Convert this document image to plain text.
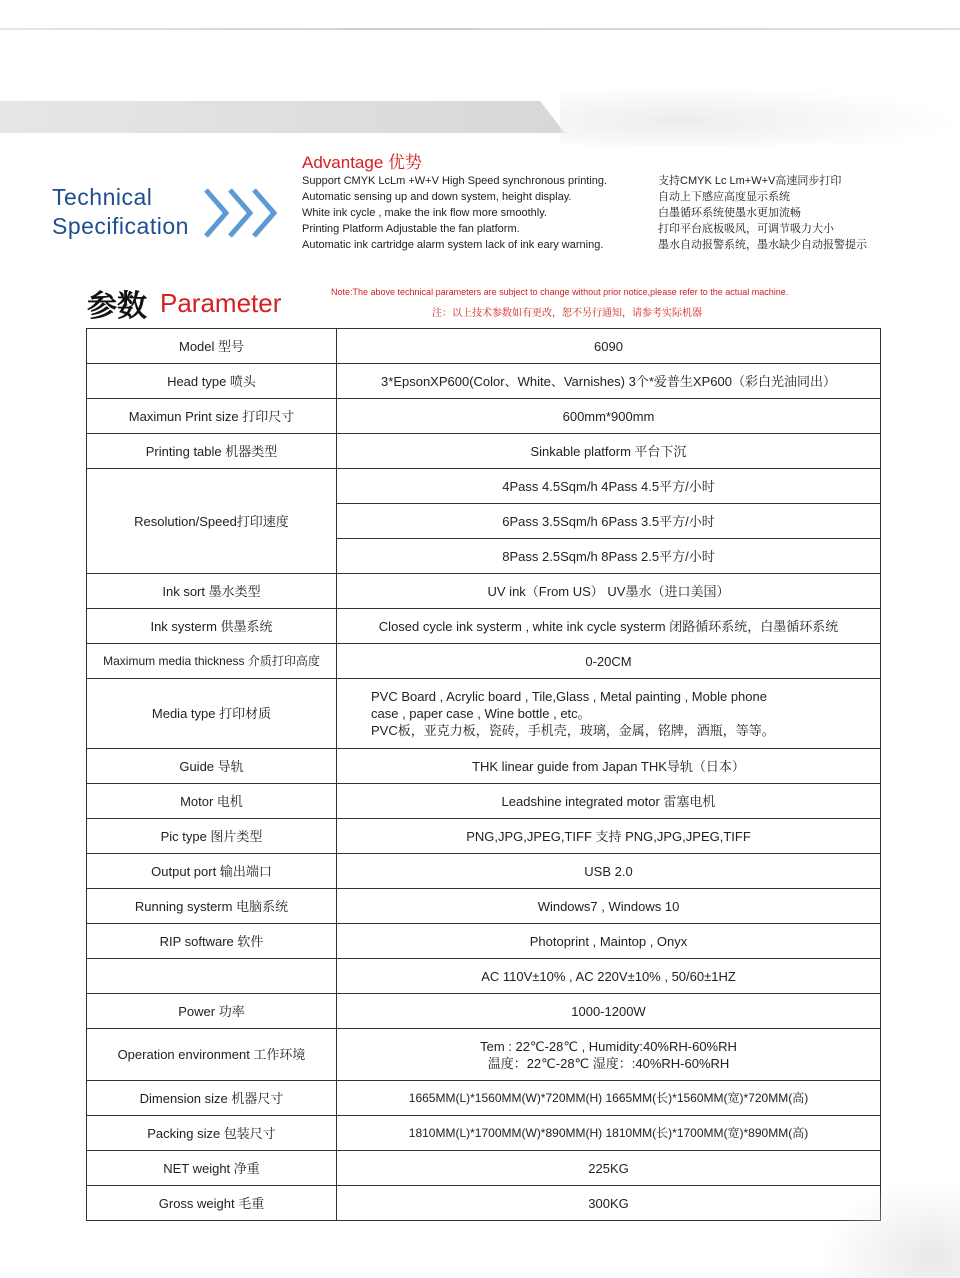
Technical
Specification
Advantage 优势
Support CMYK LcLm +W+V High Speed synchronous printing.
Automatic sensing up and down system, height display.
White ink cycle , make the ink flow more smoothly.
Printing Platform Adjustable the fan platform.
Automatic ink cartridge alarm system lack of ink eary warning.
支持CMYK Lc Lm+W+V高速同步打印
自动上下感应高度显示系统
白墨循环系统使墨水更加流畅
打印平台底板吸风，可调节吸力大小
墨水自动报警系统，墨水缺少自动报警提示
参数 Parameter	Note:The above technical parameters are subject to change without prior notice,please refer to the actual machine.
注：以上技术参数如有更改，恕不另行通知，请参考实际机器
Model 型号	6090
Head type 喷头	3*EpsonXP600(Color、White、Varnishes) 3个*爱普生XP600（彩白光油同出）
Maximun Print size 打印尺寸	600mm*900mm
Printing table 机器类型	Sinkable platform 平台下沉
Resolution/Speed打印速度	4Pass 4.5Sqm/h 4Pass 4.5平方/小时
	6Pass 3.5Sqm/h 6Pass 3.5平方/小时
	8Pass 2.5Sqm/h 8Pass 2.5平方/小时
Ink sort 墨水类型	UV ink（From US） UV墨水（进口美国）
Ink systerm 供墨系统	Closed cycle ink systerm , white ink cycle systerm 闭路循环系统，白墨循环系统
Maximum media thickness 介质打印高度	0-20CM
Media type 打印材质	PVC Board , Acrylic board , Tile,Glass , Metal painting , Moble phone
case , paper case , Wine bottle , etc。
PVC板，亚克力板，瓷砖，手机壳，玻璃，金属，铭牌，酒瓶，等等。

Guide 导轨	THK linear guide from Japan THK导轨（日本）
Motor 电机	Leadshine integrated motor 雷塞电机
Pic type 图片类型	PNG,JPG,JPEG,TIFF 支持 PNG,JPG,JPEG,TIFF
Output port 输出端口	USB 2.0
Running systerm 电脑系统	Windows7 , Windows 10
RIP software 软件	Photoprint , Maintop , Onyx
	AC 110V±10% , AC 220V±10% , 50/60±1HZ
Power 功率	1000-1200W
Operation environment 工作环境	Tem : 22℃-28℃ , Humidity:40%RH-60%RH
温度：22℃-28℃ 湿度：:40%RH-60%RH

Dimension size 机器尺寸	1665MM(L)*1560MM(W)*720MM(H) 1665MM(长)*1560MM(宽)*720MM(高)
Packing size 包装尺寸	1810MM(L)*1700MM(W)*890MM(H) 1810MM(长)*1700MM(宽)*890MM(高)
NET weight 净重	225KG
Gross weight 毛重	300KG
